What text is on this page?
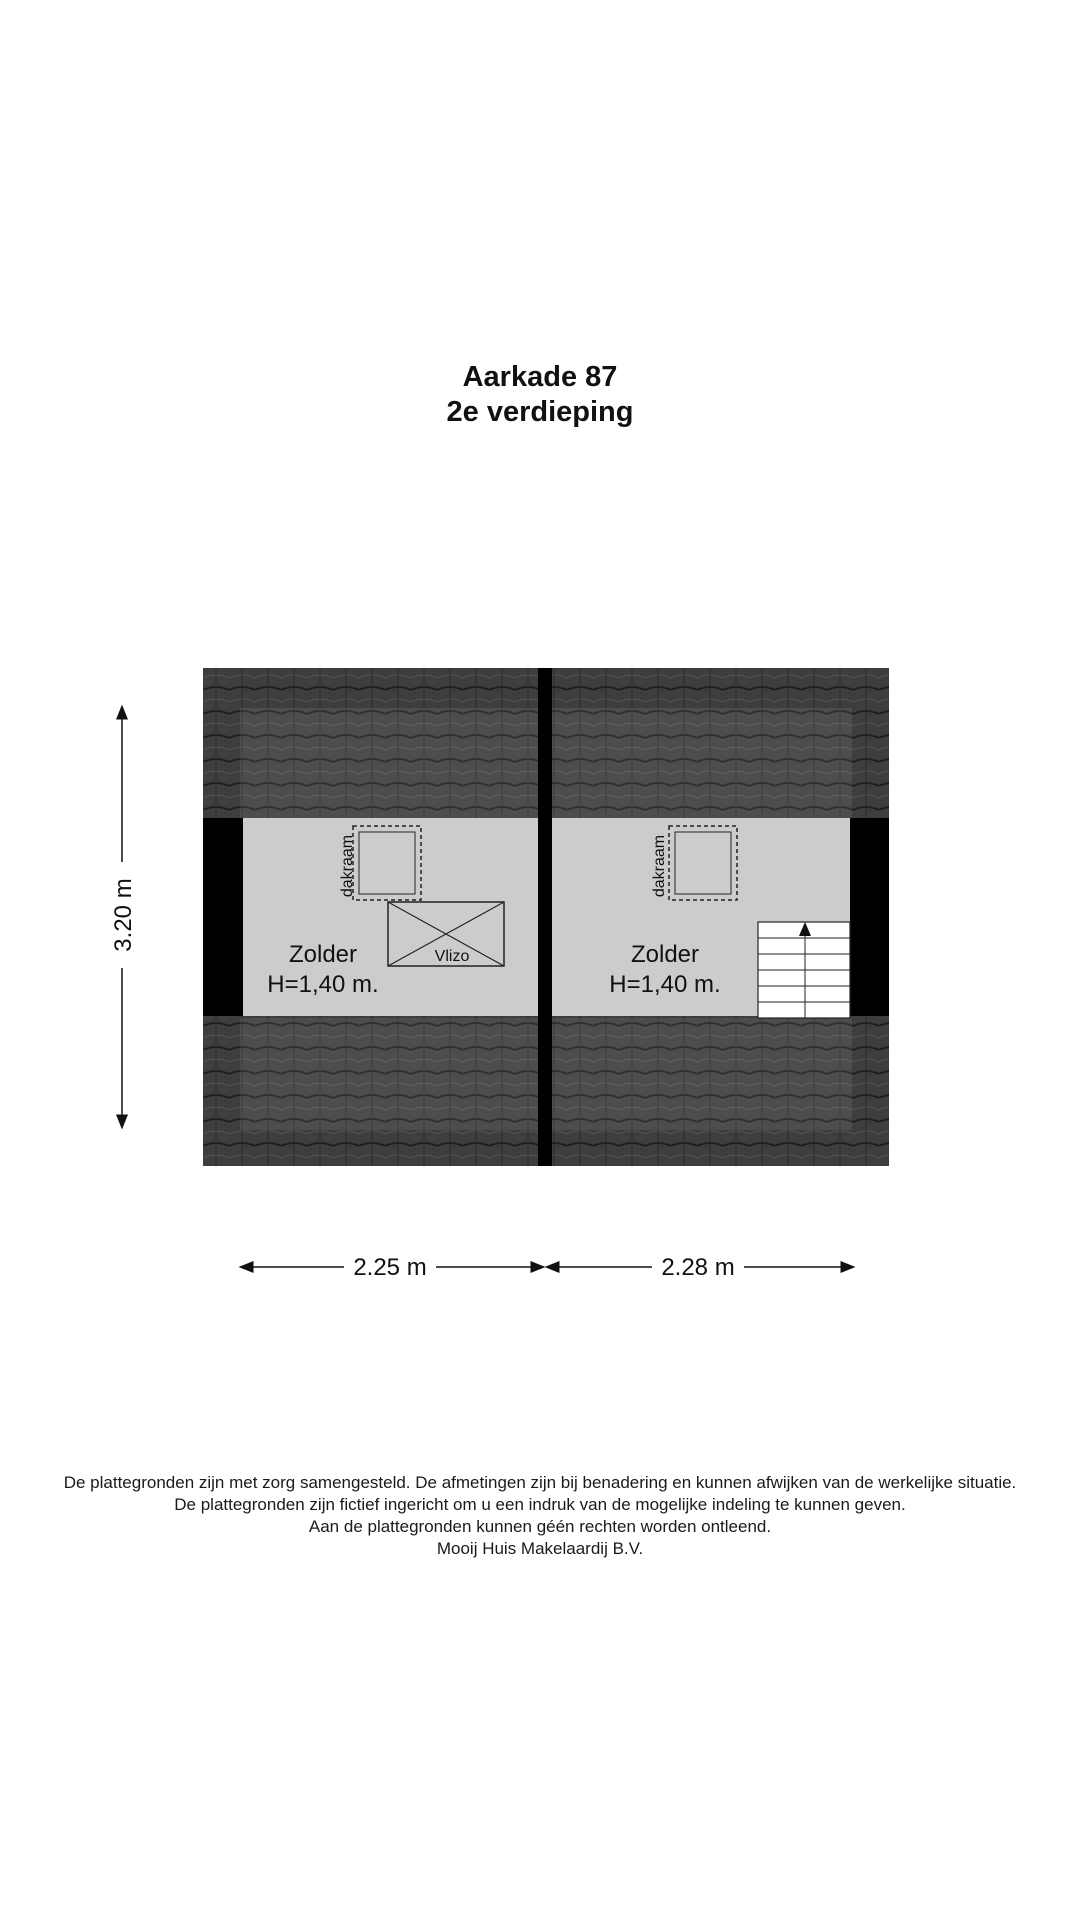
Aarkade 87
2e verdieping
dakraam	dakraam
Vlizo
Zolder
H=1,40 m.
Zolder
H=1,40 m.
3.20 m
2.25 m	2.28 m
De plattegronden zijn met zorg samengesteld. De afmetingen zijn bij benadering en kunnen afwijken van de werkelijke situatie.
De plattegronden zijn fictief ingericht om u een indruk van de mogelijke indeling te kunnen geven.
Aan de plattegronden kunnen géén rechten worden ontleend.
Mooij Huis Makelaardij B.V.
